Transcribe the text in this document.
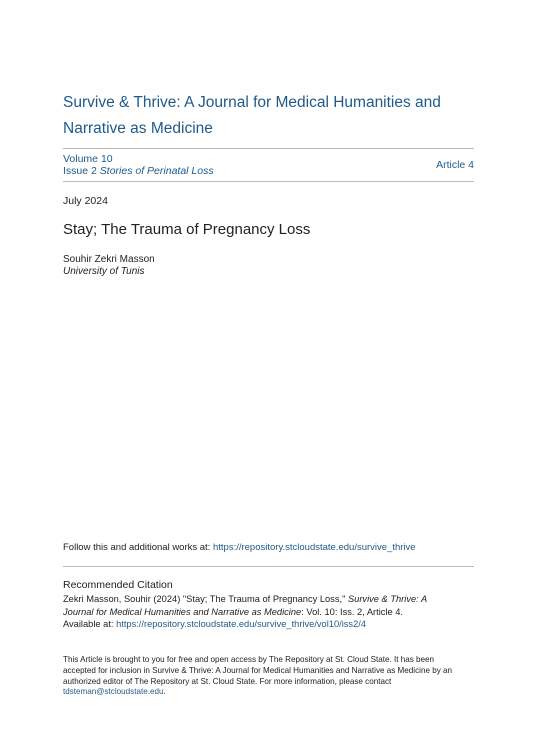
Survive & Thrive: A Journal for Medical Humanities and Narrative as Medicine
Volume 10
Issue 2 Stories of Perinatal Loss	Article 4
July 2024
Stay; The Trauma of Pregnancy Loss
Souhir Zekri Masson
University of Tunis
Follow this and additional works at: https://repository.stcloudstate.edu/survive_thrive
Recommended Citation
Zekri Masson, Souhir (2024) "Stay; The Trauma of Pregnancy Loss," Survive & Thrive: A Journal for Medical Humanities and Narrative as Medicine: Vol. 10: Iss. 2, Article 4.
Available at: https://repository.stcloudstate.edu/survive_thrive/vol10/iss2/4
This Article is brought to you for free and open access by The Repository at St. Cloud State. It has been accepted for inclusion in Survive & Thrive: A Journal for Medical Humanities and Narrative as Medicine by an authorized editor of The Repository at St. Cloud State. For more information, please contact tdsteman@stcloudstate.edu.
